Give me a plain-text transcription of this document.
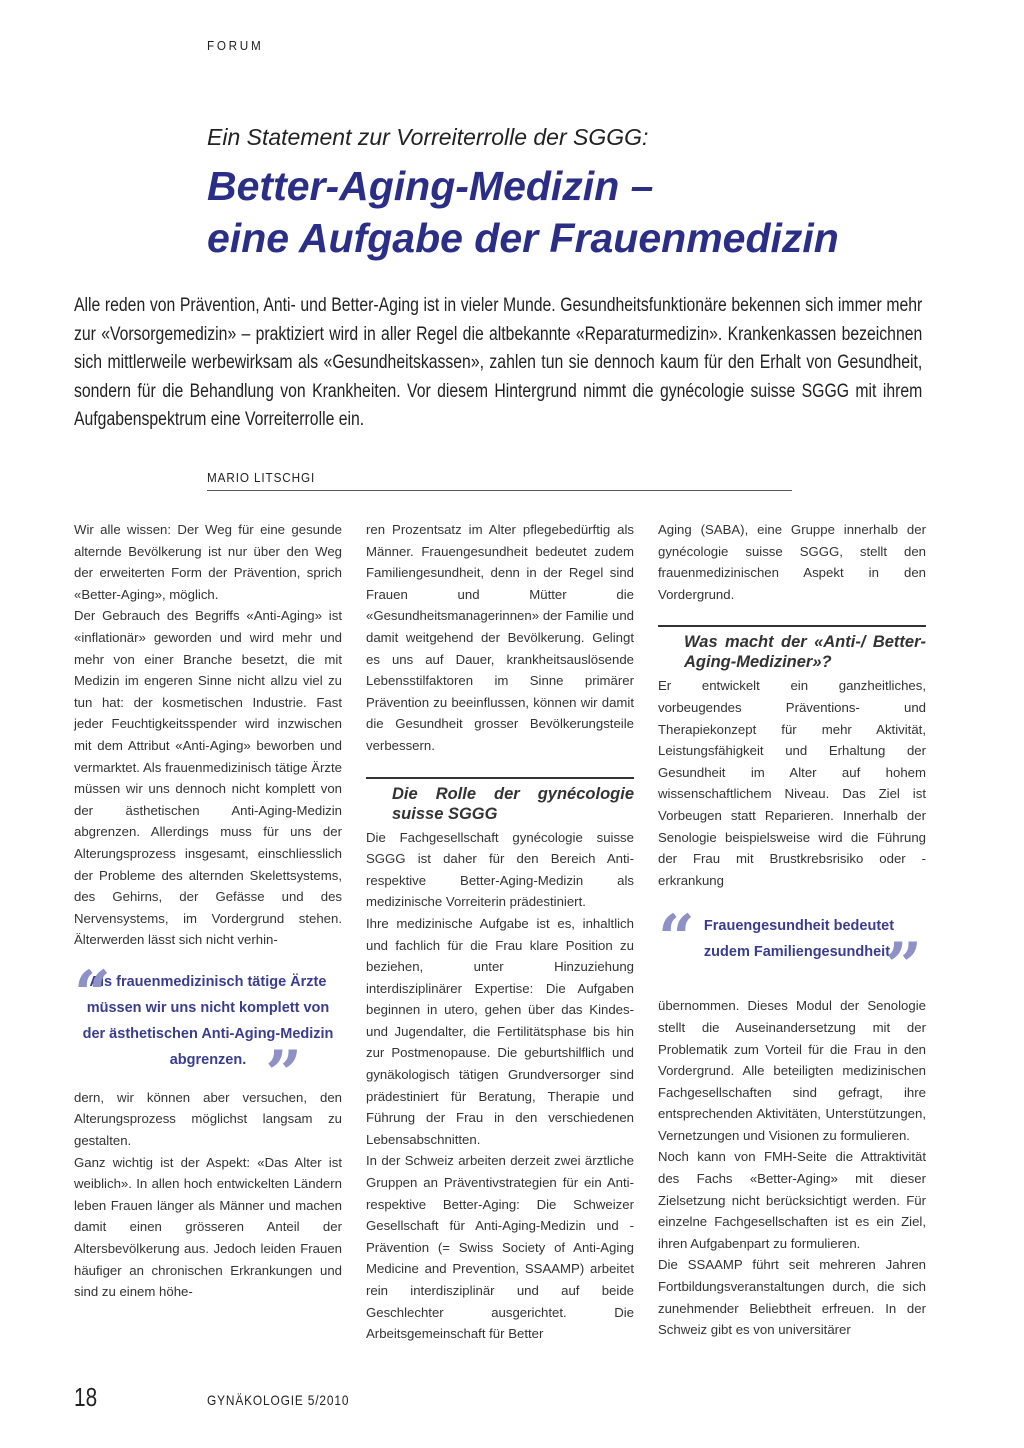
FORUM
Ein Statement zur Vorreiterrolle der SGGG:
Better-Aging-Medizin –
eine Aufgabe der Frauenmedizin
Alle reden von Prävention, Anti- und Better-Aging ist in vieler Munde. Gesundheitsfunktionäre bekennen sich immer mehr zur «Vorsorgemedizin» – praktiziert wird in aller Regel die altbekannte «Reparaturmedizin». Krankenkassen bezeichnen sich mittlerweile werbewirksam als «Gesundheitskassen», zahlen tun sie dennoch kaum für den Erhalt von Gesundheit, sondern für die Behandlung von Krankheiten. Vor diesem Hintergrund nimmt die gynécologie suisse SGGG mit ihrem Aufgabenspektrum eine Vorreiterrolle ein.
MARIO LITSCHGI

Wir alle wissen: Der Weg für eine gesunde alternde Bevölkerung ist nur über den Weg der erweiterten Form der Prävention, sprich «Better-Aging», möglich.

Der Gebrauch des Begriffs «Anti-Aging» ist «inflationär» geworden und wird mehr und mehr von einer Branche besetzt, die mit Medizin im engeren Sinne nicht allzu viel zu tun hat: der kosmetischen Industrie. Fast jeder Feuchtigkeitsspender wird inzwischen mit dem Attribut «Anti-Aging» beworben und vermarktet. Als frauenmedizinisch tätige Ärzte müssen wir uns dennoch nicht komplett von der ästhetischen Anti-Aging-Medizin abgrenzen. Allerdings muss für uns der Alterungsprozess insgesamt, einschliesslich der Probleme des alternden Skelettsystems, des Gehirns, der Gefässe und des Nervensystems, im Vordergrund stehen. Älterwerden lässt sich nicht verhin-

“
Als frauenmedizinisch tätige Ärzte müssen wir uns nicht komplett von der ästhetischen Anti-Aging-Medizin abgrenzen. ”

dern, wir können aber versuchen, den Alterungsprozess möglichst langsam zu gestalten.

Ganz wichtig ist der Aspekt: «Das Alter ist weiblich». In allen hoch entwickelten Ländern leben Frauen länger als Männer und machen damit einen grösseren Anteil der Altersbevölkerung aus. Jedoch leiden Frauen häufiger an chronischen Erkrankungen und sind zu einem höhe-

ren Prozentsatz im Alter pflegebedürftig als Männer. Frauengesundheit bedeutet zudem Familiengesundheit, denn in der Regel sind Frauen und Mütter die «Gesundheitsmanagerinnen» der Familie und damit weitgehend der Bevölkerung. Gelingt es uns auf Dauer, krankheitsauslösende Lebensstilfaktoren im Sinne primärer Prävention zu beeinflussen, können wir damit die Gesundheit grosser Bevölkerungsteile verbessern.

Die Rolle der gynécologie suisse SGGG

Die Fachgesellschaft gynécologie suisse SGGG ist daher für den Bereich Anti- respektive Better-Aging-Medizin als medizinische Vorreiterin prädestiniert.

Ihre medizinische Aufgabe ist es, inhaltlich und fachlich für die Frau klare Position zu beziehen, unter Hinzuziehung interdisziplinärer Expertise: Die Aufgaben beginnen in utero, gehen über das Kindes- und Jugendalter, die Fertilitätsphase bis hin zur Postmenopause. Die geburtshilflich und gynäkologisch tätigen Grundversorger sind prädestiniert für Beratung, Therapie und Führung der Frau in den verschiedenen Lebensabschnitten.

In der Schweiz arbeiten derzeit zwei ärztliche Gruppen an Präventivstrategien für ein Anti- respektive Better-Aging: Die Schweizer Gesellschaft für Anti-Aging-Medizin und -Prävention (= Swiss Society of Anti-Aging Medicine and Prevention, SSAAMP) arbeitet rein interdisziplinär und auf beide Geschlechter ausgerichtet. Die Arbeitsgemeinschaft für Better

Aging (SABA), eine Gruppe innerhalb der gynécologie suisse SGGG, stellt den frauenmedizinischen Aspekt in den Vordergrund.

Was macht der «Anti-/ Better-Aging-Mediziner»?

Er entwickelt ein ganzheitliches, vorbeugendes Präventions- und Therapiekonzept für mehr Aktivität, Leistungsfähigkeit und Erhaltung der Gesundheit im Alter auf hohem wissenschaftlichem Niveau. Das Ziel ist Vorbeugen statt Reparieren. Innerhalb der Senologie beispielsweise wird die Führung der Frau mit Brustkrebsrisiko oder -erkrankung

“ Frauengesundheit bedeutet zudem Familiengesundheit.
”

übernommen. Dieses Modul der Senologie stellt die Auseinandersetzung mit der Problematik zum Vorteil für die Frau in den Vordergrund. Alle beteiligten medizinischen Fachgesellschaften sind gefragt, ihre entsprechenden Aktivitäten, Unterstützungen, Vernetzungen und Visionen zu formulieren.

Noch kann von FMH-Seite die Attraktivität des Fachs «Better-Aging» mit dieser Zielsetzung nicht berücksichtigt werden. Für einzelne Fachgesellschaften ist es ein Ziel, ihren Aufgabenpart zu formulieren.

Die SSAAMP führt seit mehreren Jahren Fortbildungsveranstaltungen durch, die sich zunehmender Beliebtheit erfreuen. In der Schweiz gibt es von universitärer

18	GYNÄKOLOGIE 5/2010
